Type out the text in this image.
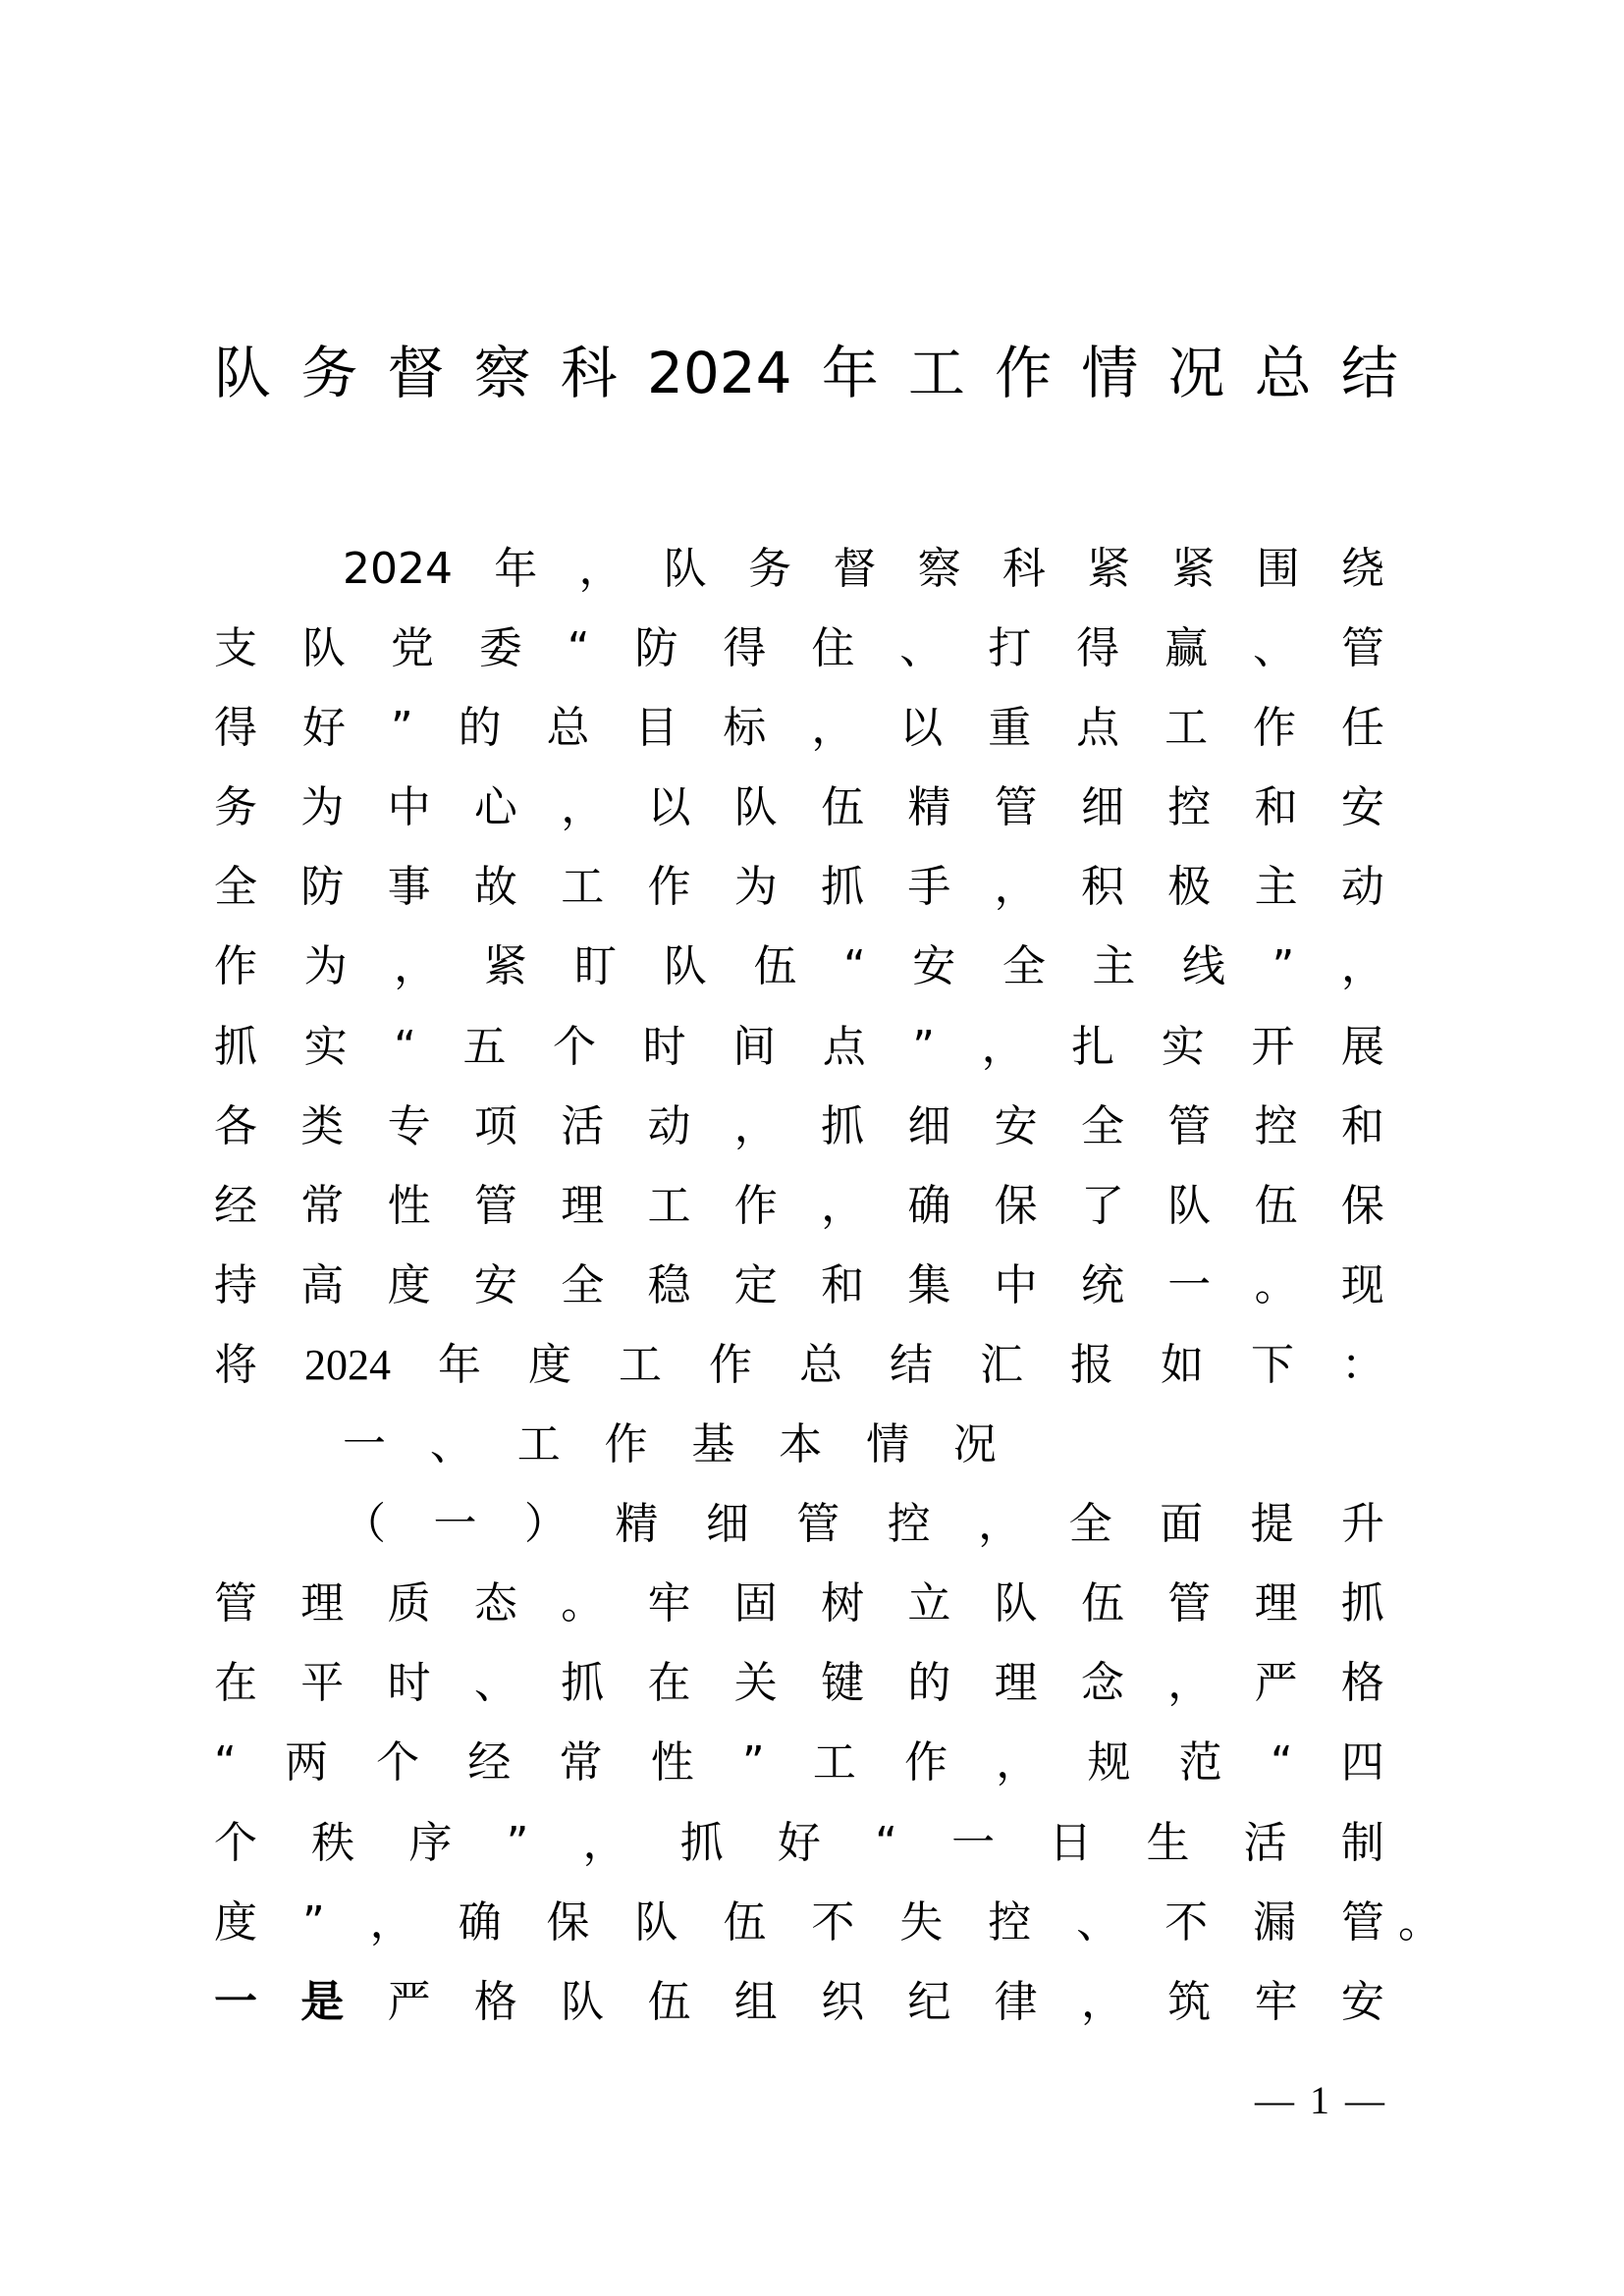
队 务 督 察 科 2024 年 工 作 情 况 总 结
2024 年 ， 队 务 督 察 科 紧 紧 围 绕
支 队 党 委 “ 防 得 住 、 打 得 赢 、 管
得 好 ” 的 总 目 标 ， 以 重 点 工 作 任
务 为 中 心 ， 以 队 伍 精 管 细 控 和 安
全 防 事 故 工 作 为 抓 手 ， 积 极 主 动
作 为 ， 紧 盯 队 伍 “ 安 全 主 线 ” ，
抓 实 “ 五 个 时 间 点 ” ， 扎 实 开 展
各 类 专 项 活 动 ， 抓 细 安 全 管 控 和
经 常 性 管 理 工 作 ， 确 保 了 队 伍 保
持 高 度 安 全 稳 定 和 集 中 统 一 。 现
将 2024 年 度 工 作 总 结 汇 报 如 下 ：
一 、 工 作 基 本 情 况
（ 一 ） 精 细 管 控 ， 全 面 提 升
管 理 质 态 。 牢 固 树 立 队 伍 管 理 抓
在 平 时 、 抓 在 关 键 的 理 念 ， 严 格
“ 两 个 经 常 性 ” 工 作 ， 规 范 “ 四
个 秩 序 ” ， 抓 好 “ 一 日 生 活 制
度 ” ， 确 保 队 伍 不 失 控 、 不 漏 管 。
一 是 严 格 队 伍 组 织 纪 律 ， 筑 牢 安
— 1 —
